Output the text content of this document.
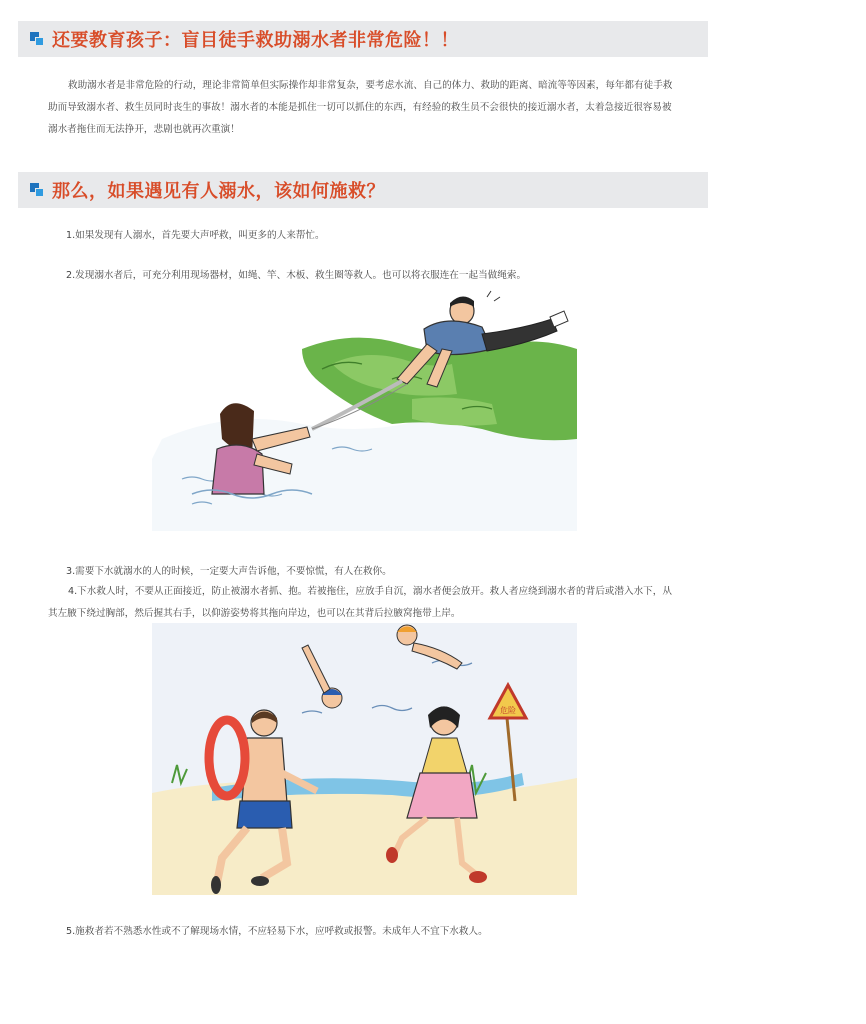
还要教育孩子：盲目徒手救助溺水者非常危险！！
救助溺水者是非常危险的行动，理论非常简单但实际操作却非常复杂，要考虑水流、自己的体力、救助的距离、暗流等等因素，每年都有徒手救助而导致溺水者、救生员同时丧生的事故！溺水者的本能是抓住一切可以抓住的东西，有经验的救生员不会很快的接近溺水者，太着急接近很容易被溺水者拖住而无法挣开，悲剧也就再次重演！
那么，如果遇见有人溺水，该如何施救？
1.如果发现有人溺水，首先要大声呼救，叫更多的人来帮忙。
2.发现溺水者后，可充分利用现场器材，如绳、竿、木板、救生圈等救人。也可以将衣服连在一起当做绳索。
3.需要下水就溺水的人的时候，一定要大声告诉他，不要惊慌，有人在救你。
4.下水救人时，不要从正面接近，防止被溺水者抓、抱。若被拖住，应放手自沉，溺水者便会放开。救人者应绕到溺水者的背后或潜入水下，从其左腋下绕过胸部，然后握其右手，以仰游姿势将其拖向岸边，也可以在其背后拉腋窝拖带上岸。
危险
5.施救者若不熟悉水性或不了解现场水情，不应轻易下水，应呼救或报警。未成年人不宜下水救人。
